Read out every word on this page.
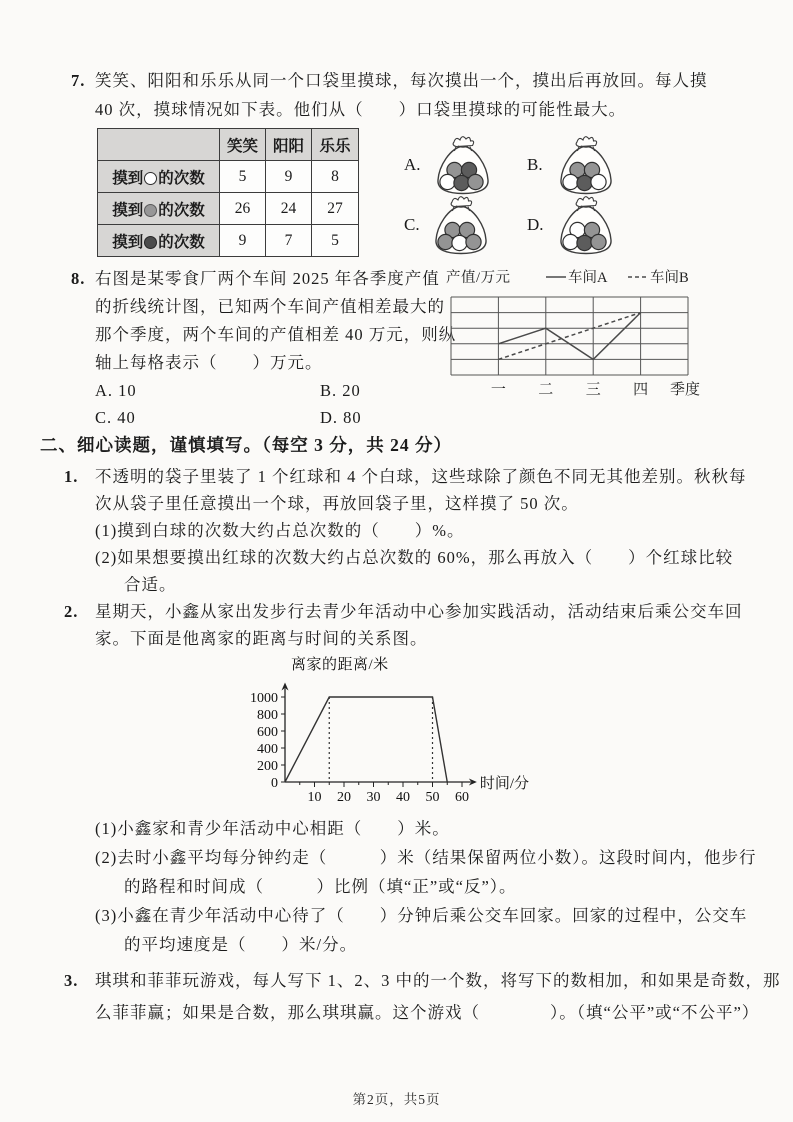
7. 笑笑、阳阳和乐乐从同一个口袋里摸球，每次摸出一个，摸出后再放回。每人摸
40 次，摸球情况如下表。他们从（　　）口袋里摸球的可能性最大。
	笑笑	阳阳	乐乐
摸到 的次数	5	9	8
摸到 的次数	26	24	27
摸到 的次数	9	7	5
A.	B.
C.	D.
8. 右图是某零食厂两个车间 2025 年各季度产值
的折线统计图，已知两个车间产值相差最大的
那个季度，两个车间的产值相差 40 万元，则纵
轴上每格表示（　　）万元。
A. 10	B. 20
C. 40	D. 80
产值/万元	车间A	车间B
一 二 三 四 季度
二、细心读题，谨慎填写。（每空 3 分，共 24 分）
1. 不透明的袋子里装了 1 个红球和 4 个白球，这些球除了颜色不同无其他差别。秋秋每
次从袋子里任意摸出一个球，再放回袋子里，这样摸了 50 次。
(1)摸到白球的次数大约占总次数的（　　）%。
(2)如果想要摸出红球的次数大约占总次数的 60%，那么再放入（　　）个红球比较
合适。
2. 星期天，小鑫从家出发步行去青少年活动中心参加实践活动，活动结束后乘公交车回
家。下面是他离家的距离与时间的关系图。
离家的距离/米
时间/分
0
200
400
600
800
1000
10 20 30 40 50 60
(1)小鑫家和青少年活动中心相距（　　）米。
(2)去时小鑫平均每分钟约走（　　　）米（结果保留两位小数）。这段时间内，他步行
的路程和时间成（　　　）比例（填“正”或“反”）。
(3)小鑫在青少年活动中心待了（　　）分钟后乘公交车回家。回家的过程中，公交车
的平均速度是（　　）米/分。
3. 琪琪和菲菲玩游戏，每人写下 1、2、3 中的一个数，将写下的数相加，和如果是奇数，那
么菲菲赢；如果是合数，那么琪琪赢。这个游戏（　　　　）。（填“公平”或“不公平”）
第2页，共5页
